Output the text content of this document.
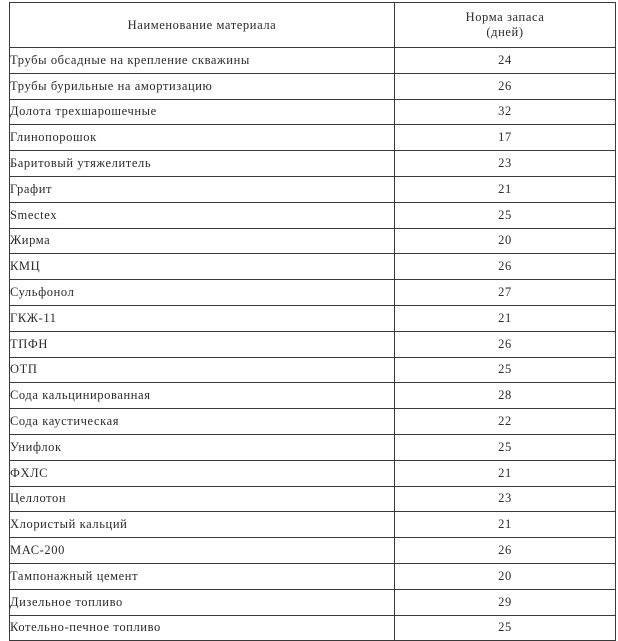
Наименование материала	Норма запаса
(дней)

Трубы обсадные на крепление скважины	24
Трубы бурильные на амортизацию	26
Долота трехшарошечные	32
Глинопорошок	17
Баритовый утяжелитель	23
Графит	21
Smectex	25
Жирма	20
КМЦ	26
Сульфонол	27
ГКЖ-11	21
ТПФН	26
ОТП	25
Сода кальцинированная	28
Сода каустическая	22
Унифлок	25
ФХЛС	21
Целлотон	23
Хлористый кальций	21
МАС-200	26
Тампонажный цемент	20
Дизельное топливо	29
Котельно-печное топливо	25
